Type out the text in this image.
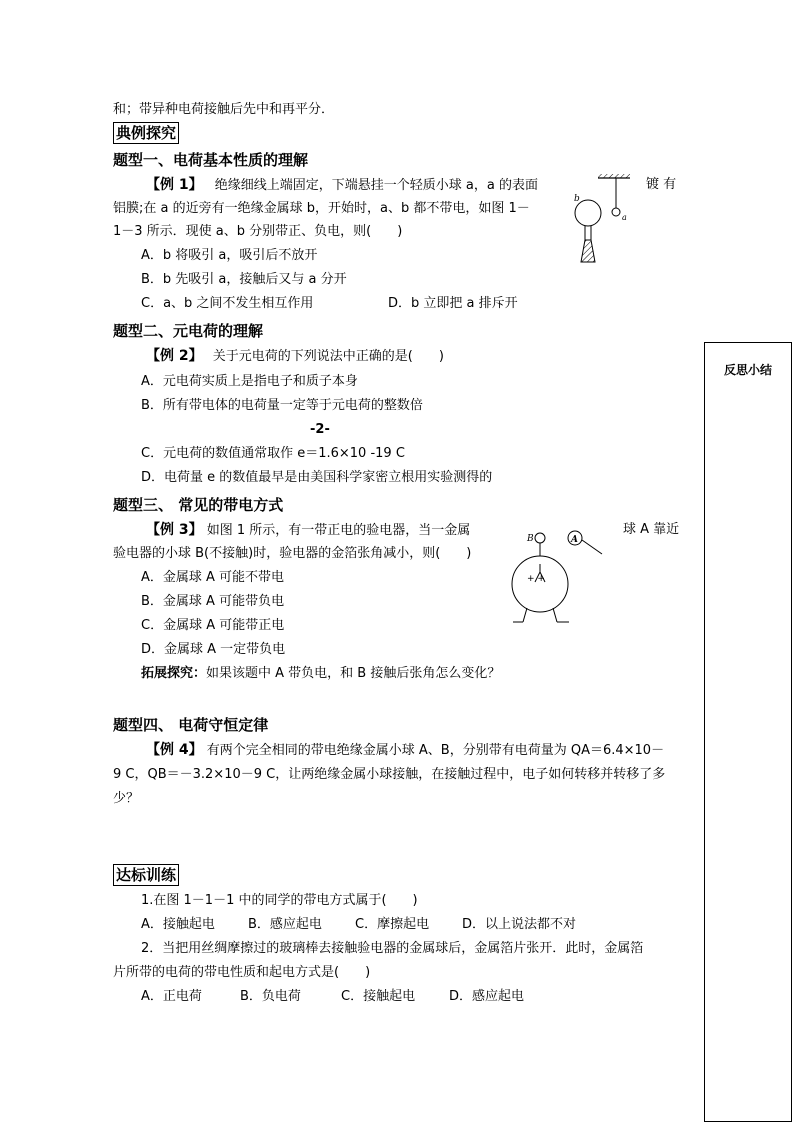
和；带异种电荷接触后先中和再平分．
典例探究
题型一、电荷基本性质的理解
【例 1】 绝缘细线上端固定，下端悬挂一个轻质小球 a，a 的表面	镀 有
铝膜;在 a 的近旁有一绝缘金属球 b，开始时，a、b 都不带电，如图 1－
1－3 所示．现使 a、b 分别带正、负电，则(　　)
A．b 将吸引 a，吸引后不放开
B．b 先吸引 a，接触后又与 a 分开
C．a、b 之间不发生相互作用	D．b 立即把 a 排斥开
a
b
题型二、元电荷的理解
【例 2】 关于元电荷的下列说法中正确的是(　　)
A．元电荷实质上是指电子和质子本身
B．所有带电体的电荷量一定等于元电荷的整数倍
-2-
C．元电荷的数值通常取作 e＝1.6×10 -19 C
D．电荷量 e 的数值最早是由美国科学家密立根用实验测得的
题型三、 常见的带电方式
【例 3】 如图 1 所示，有一带正电的验电器，当一金属	球 A 靠近
验电器的小球 B(不接触)时，验电器的金箔张角减小，则(　　)
A．金属球 A 可能不带电
B．金属球 A 可能带负电
C．金属球 A 可能带正电
D．金属球 A 一定带负电
拓展探究：如果该题中 A 带负电，和 B 接触后张角怎么变化？
B
+ +
A
题型四、 电荷守恒定律
【例 4】 有两个完全相同的带电绝缘金属小球 A、B，分别带有电荷量为 QA＝6.4×10－
9 C，QB＝－3.2×10－9 C，让两绝缘金属小球接触，在接触过程中，电子如何转移并转移了多
少？
达标训练
1.在图 1－1－1 中的同学的带电方式属于(　　)
A．接触起电	B．感应起电	C．摩擦起电	D．以上说法都不对
2．当把用丝绸摩擦过的玻璃棒去接触验电器的金属球后，金属箔片张开．此时，金属箔
片所带的电荷的带电性质和起电方式是(　　)
A．正电荷	B．负电荷	C．接触起电	D．感应起电
反思小结
